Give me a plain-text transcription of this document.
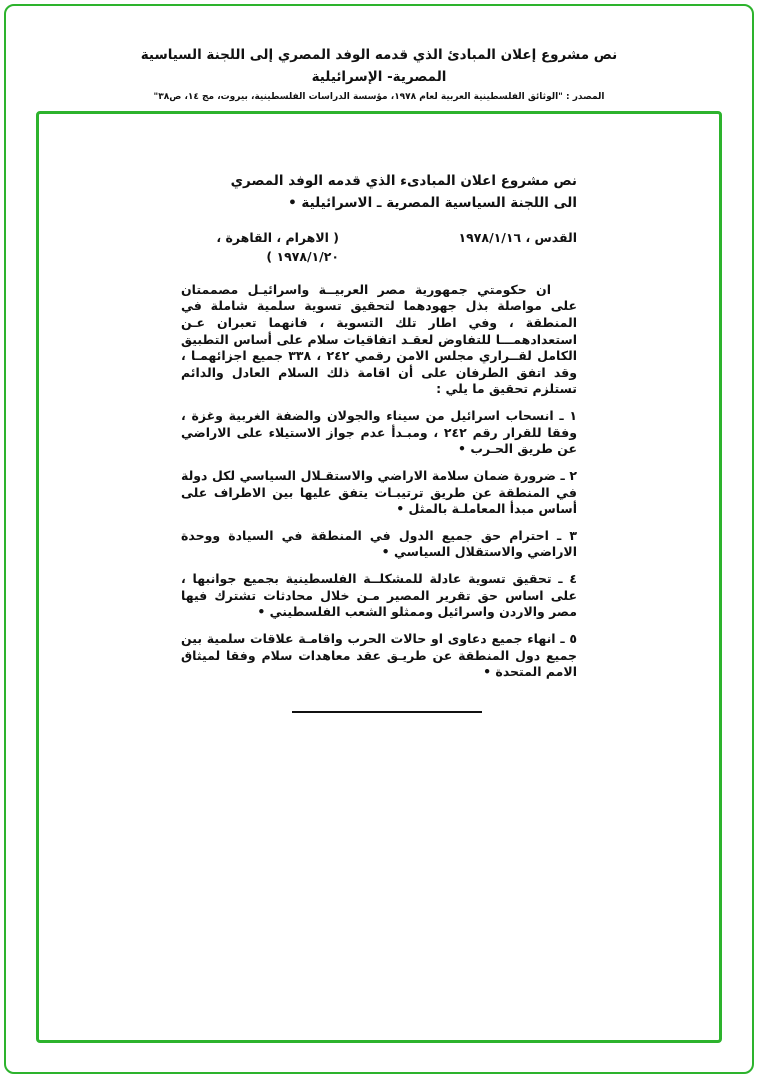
نص مشروع إعلان المبادئ الذي قدمه الوفد المصري إلى اللجنة السياسية المصرية- الإسرائيلية
المصدر : "الوثائق الفلسطينية العربية لعام ١٩٧٨، مؤسسة الدراسات الفلسطينية، بيروت، مج ١٤، ص٣٨"
نص مشروع اعلان المبادىء الذي قدمه الوفد المصري
الى اللجنة السياسية المصرية ـ الاسرائيلية •
القدس ، ١٩٧٨/١/١٦
( الاهرام ، القاهرة ، ١٩٧٨/١/٢٠ )

ان حكومتي جمهورية مصر العربيــة واسرائيـل مصممتان على مواصلة بذل جهودهما لتحقيق تسوية سلمية شاملة في المنطقة ، وفي اطار تلك التسوية ، فانهما تعبران عـن استعدادهمـــا للتفاوض لعقـد اتفاقيات سلام على أساس التطبيق الكامل لقــراري مجلس الامن رقمي ٢٤٢ ، ٣٣٨ جميع اجزائهمـا ، وقد اتفق الطرفان على أن اقامة ذلك السلام العادل والدائم تستلزم تحقيق ما يلي :

١ ـ انسحاب اسرائيل من سيناء والجولان والضفة الغربية وغزة ، وفقا للقرار رقم ٢٤٢ ، ومبـدأ عدم جواز الاستيلاء على الاراضي عن طريق الحـرب •

٢ ـ ضرورة ضمان سلامة الاراضي والاستقـلال السياسي لكل دولة في المنطقة عن طريق ترتيبـات يتفق عليها بين الاطراف على أساس مبدأ المعاملـة بالمثل •

٣ ـ احترام حق جميع الدول في المنطقة في السيادة ووحدة الاراضي والاستقلال السياسي •

٤ ـ تحقيق تسوية عادلة للمشكلــة الفلسطينية بجميع جوانبها ، على اساس حق تقرير المصير مـن خلال محادثات تشترك فيها مصر والاردن واسرائيل وممثلو الشعب الفلسطيني •

٥ ـ انهاء جميع دعاوى او حالات الحرب واقامـة علاقات سلمية بين جميع دول المنطقة عن طريـق عقد معاهدات سلام وفقا لميثاق الامم المتحدة •
